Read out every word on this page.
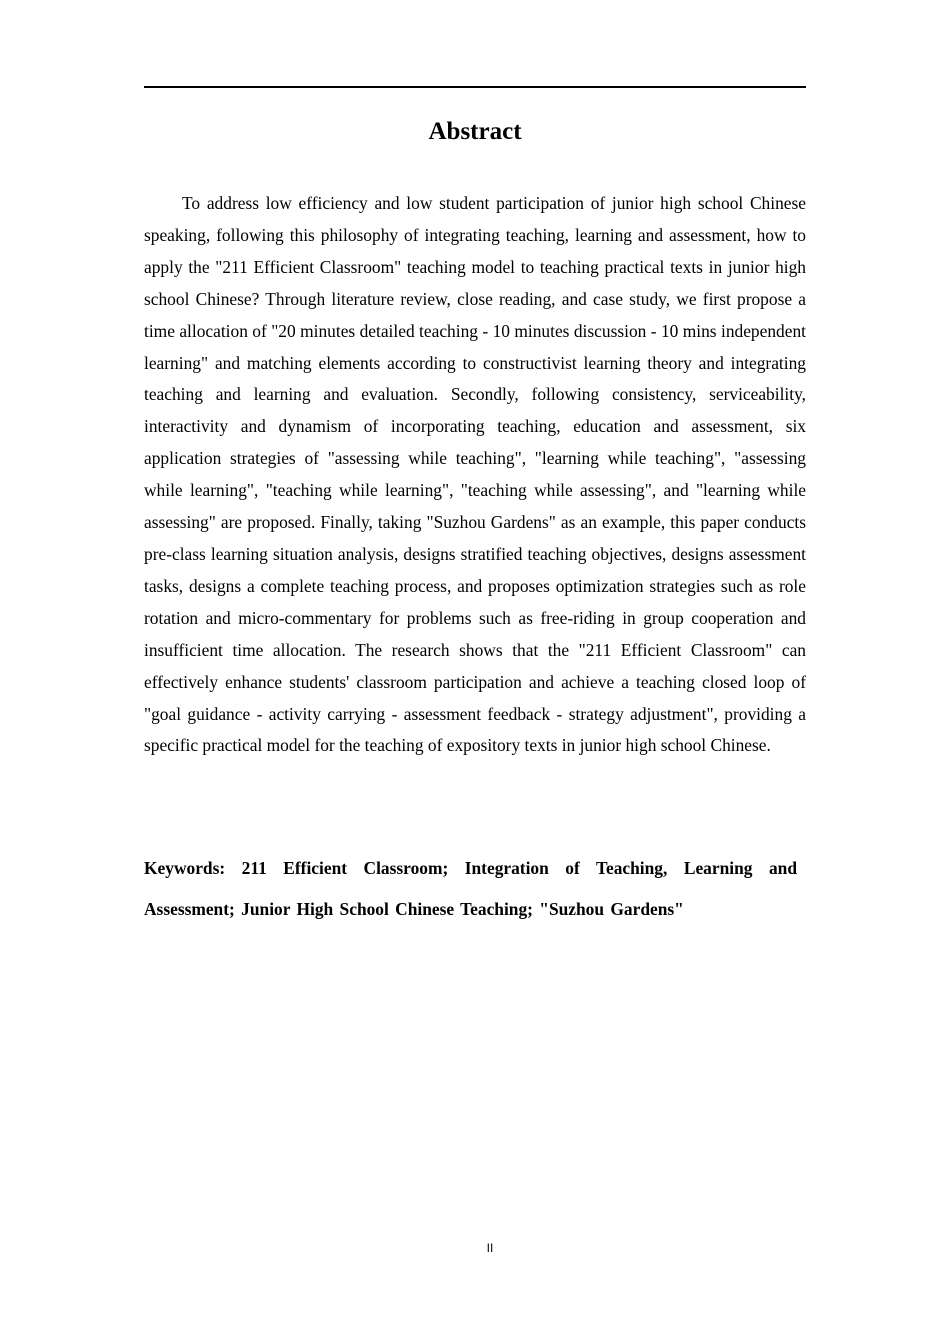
Abstract

To address low efficiency and low student participation of junior high school Chinese speaking, following this philosophy of integrating teaching, learning and assessment, how to apply the "211 Efficient Classroom" teaching model to teaching practical texts in junior high school Chinese? Through literature review, close reading, and case study, we first propose a time allocation of "20 minutes detailed teaching - 10 minutes discussion - 10 mins independent learning" and matching elements according to constructivist learning theory and integrating teaching and learning and evaluation. Secondly, following consistency, serviceability, interactivity and dynamism of incorporating teaching, education and assessment, six application strategies of "assessing while teaching", "learning while teaching", "assessing while learning", "teaching while learning", "teaching while assessing", and "learning while assessing" are proposed. Finally, taking "Suzhou Gardens" as an example, this paper conducts pre-class learning situation analysis, designs stratified teaching objectives, designs assessment tasks, designs a complete teaching process, and proposes optimization strategies such as role rotation and micro-commentary for problems such as free-riding in group cooperation and insufficient time allocation. The research shows that the "211 Efficient Classroom" can effectively enhance students' classroom participation and achieve a teaching closed loop of "goal guidance - activity carrying - assessment feedback - strategy adjustment", providing a specific practical model for the teaching of expository texts in junior high school Chinese.

Keywords: 211 Efficient Classroom; Integration of Teaching, Learning and Assessment; Junior High School Chinese Teaching; "Suzhou Gardens"

II
